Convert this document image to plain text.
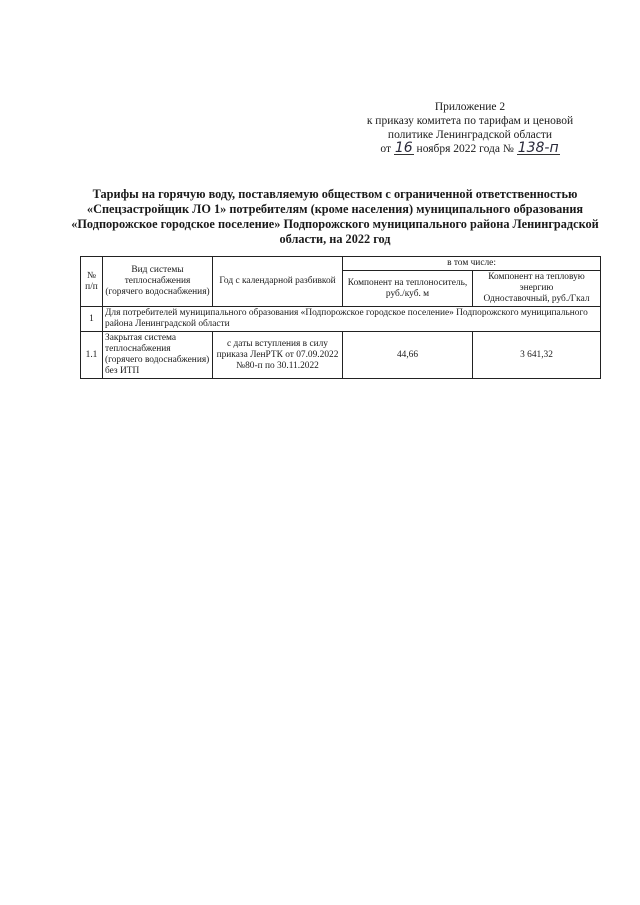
Приложение 2
к приказу комитета по тарифам и ценовой
политике Ленинградской области
от 16 ноября 2022 года № 138-п
Тарифы на горячую воду, поставляемую обществом с ограниченной ответственностью
«Спецзастройщик ЛО 1» потребителям (кроме населения) муниципального образования
«Подпорожское городское поселение» Подпорожского муниципального района Ленинградской
области, на 2022 год
№ п/п	Вид системы теплоснабжения (горячего водоснабжения)	Год с календарной разбивкой	в том числе:	
			Компонент на теплоноситель, руб./куб. м	Компонент на тепловую энергию
Одноставочный, руб./Гкал

1	Для потребителей муниципального образования «Подпорожское городское поселение» Подпорожского муниципального района Ленинградской области			
1.1	Закрытая система теплоснабжения (горячего водоснабжения) без ИТП	с даты вступления в силу приказа ЛенРТК от 07.09.2022 №80-п по 30.11.2022	44,66	3 641,32
